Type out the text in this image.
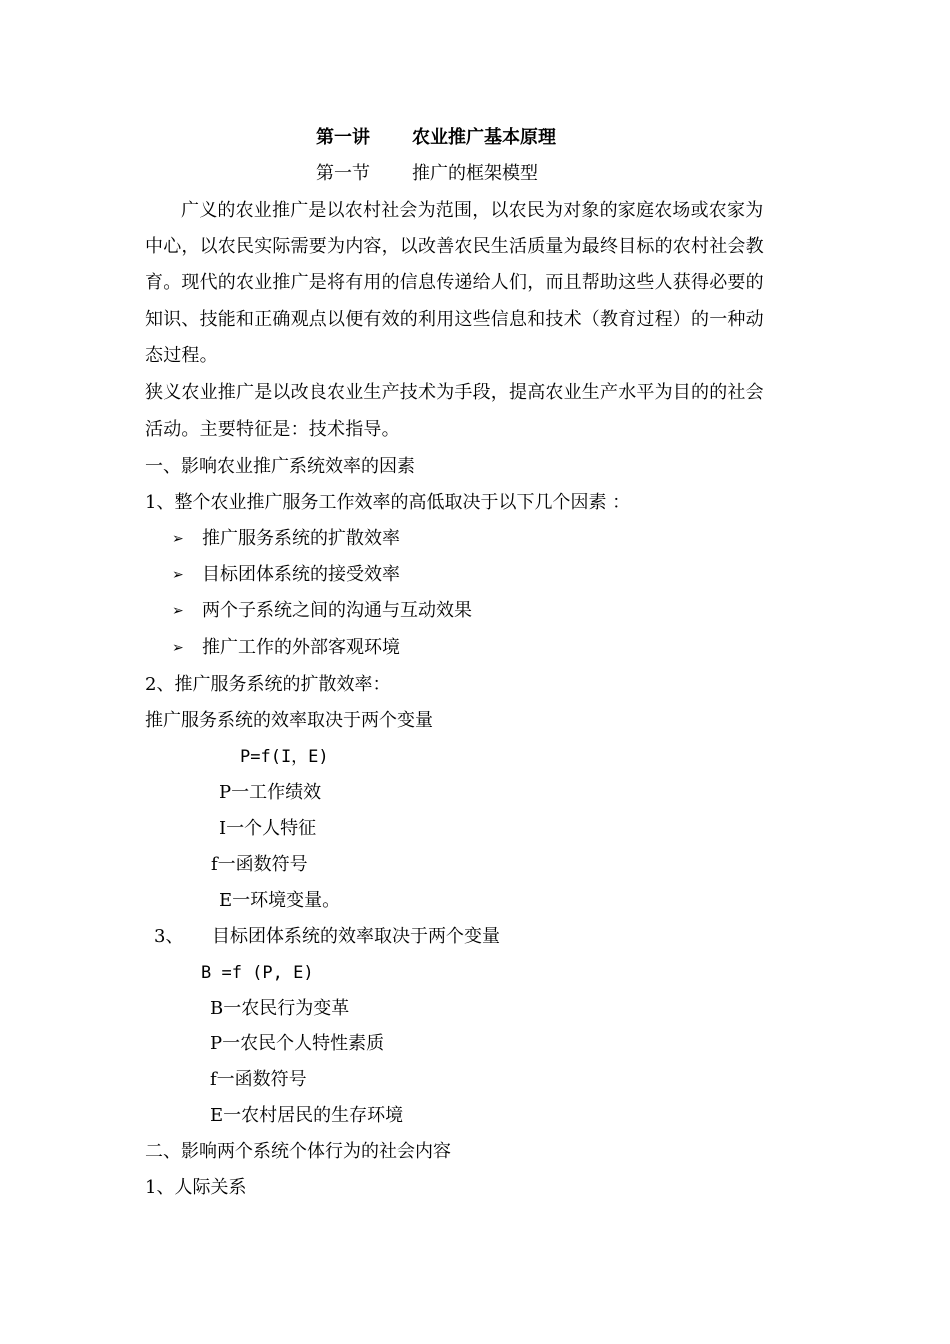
第一讲 农业推广基本原理
第一节 推广的框架模型
广义的农业推广是以农村社会为范围，以农民为对象的家庭农场或农家为
中心，以农民实际需要为内容，以改善农民生活质量为最终目标的农村社会教
育。现代的农业推广是将有用的信息传递给人们，而且帮助这些人获得必要的
知识、技能和正确观点以便有效的利用这些信息和技术（教育过程）的一种动
态过程。
狭义农业推广是以改良农业生产技术为手段，提高农业生产水平为目的的社会
活动。主要特征是：技术指导。
一、影响农业推广系统效率的因素
1、整个农业推广服务工作效率的高低取决于以下几个因素 ：
➢ 推广服务系统的扩散效率
➢ 目标团体系统的接受效率
➢ 两个子系统之间的沟通与互动效果
➢ 推广工作的外部客观环境
2、推广服务系统的扩散效率：
推广服务系统的效率取决于两个变量
P=f(I，E)
P一工作绩效
I一个人特征
f一函数符号
E一环境变量。
3、 目标团体系统的效率取决于两个变量
B =f (P, E)
B一农民行为变革
P一农民个人特性素质
f一函数符号
E一农村居民的生存环境
二、影响两个系统个体行为的社会内容
1、人际关系
